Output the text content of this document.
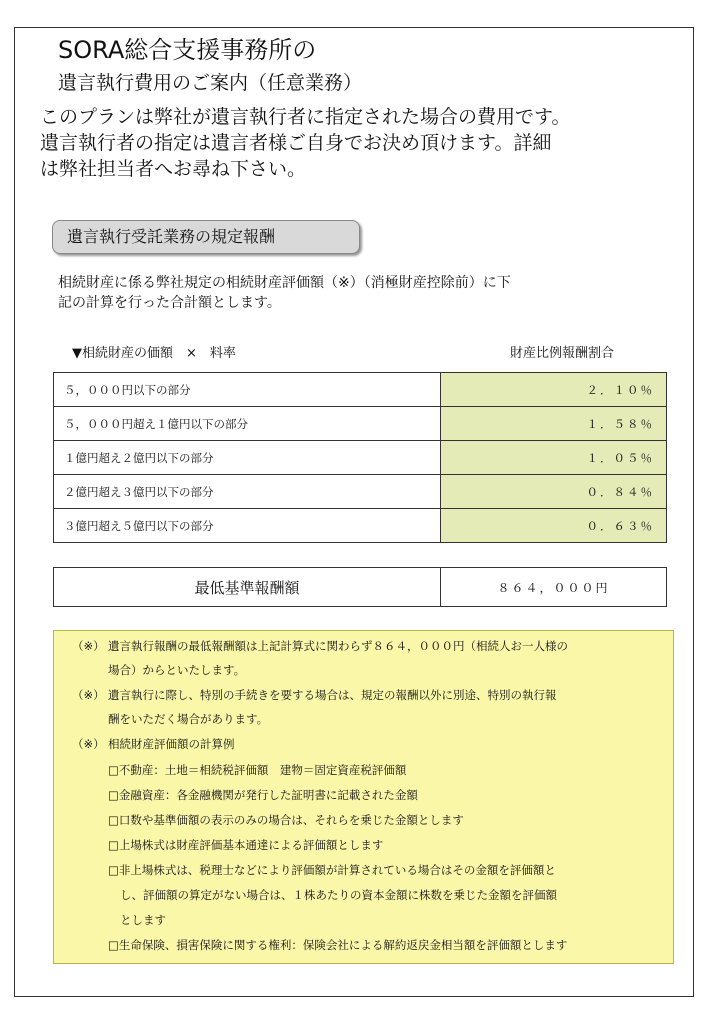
SORA総合支援事務所の
遺言執行費用のご案内（任意業務）

このプランは弊社が遺言執行者に指定された場合の費用です。

遺言執行者の指定は遺言者様ご自身でお決め頂けます。詳細

は弊社担当者へお尋ね下さい。

遺言執行受託業務の規定報酬

相続財産に係る弊社規定の相続財産評価額（※）（消極財産控除前）に下

記の計算を行った合計額とします。

▼相続財産の価額　×　料率	財産比例報酬割合
５，０００円以下の部分	２．１０％
５，０００円超え１億円以下の部分	１．５８％
１億円超え２億円以下の部分	１．０５％
２億円超え３億円以下の部分	０．８４％
３億円超え５億円以下の部分	０．６３％
最低基準報酬額	８６４，０００円
（※） 遺言執行報酬の最低報酬額は上記計算式に関わらず８６４，０００円（相続人お一人様の
場合）からといたします。
（※） 遺言執行に際し、特別の手続きを要する場合は、規定の報酬以外に別途、特別の執行報
酬をいただく場合があります。
（※） 相続財産評価額の計算例
□不動産：土地＝相続税評価額　建物＝固定資産税評価額
□金融資産：各金融機関が発行した証明書に記載された金額
□口数や基準価額の表示のみの場合は、それらを乗じた金額とします
□上場株式は財産評価基本通達による評価額とします
□非上場株式は、税理士などにより評価額が計算されている場合はその金額を評価額と
し、評価額の算定がない場合は、１株あたりの資本金額に株数を乗じた金額を評価額
とします
□生命保険、損害保険に関する権利：保険会社による解約返戻金相当額を評価額とします
